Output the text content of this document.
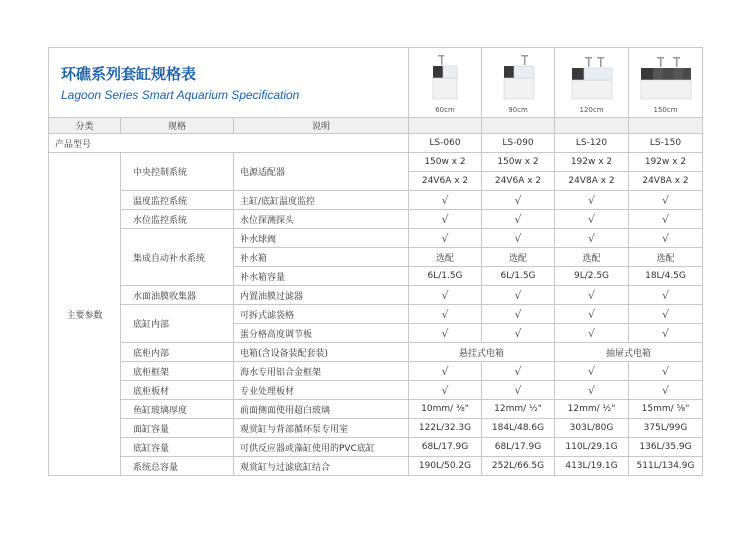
环礁系列套缸规格表
Lagoon Series Smart Aquarium Specification			60cm	90cm	120cm	150cm

分类	规格	说明				
产品型号			LS-060	LS-090	LS-120	LS-150
主要参数	中央控制系统	电源适配器	150w x 2	150w x 2	192w x 2	192w x 2
			24V6A x 2	24V6A x 2	24V8A x 2	24V8A x 2
	温度监控系统	主缸/底缸温度监控	√	√	√	√
	水位监控系统	水位探测探头	√	√	√	√
	集成自动补水系统	补水球阀	√	√	√	√
		补水箱	选配	选配	选配	选配
		补水箱容量	6L/1.5G	6L/1.5G	9L/2.5G	18L/4.5G
	水面油膜收集器	内置油膜过滤器	√	√	√	√
	底缸内部	可拆式滤袋格	√	√	√	√
		蛋分格高度调节板	√	√	√	√
	底柜内部	电箱(含设备装配套装)	悬挂式电箱		抽屉式电箱	
	底柜框架	海水专用铝合金框架	√	√	√	√
	底柜板材	专业处理板材	√	√	√	√
	鱼缸玻璃厚度	前面侧面使用超白玻璃	10mm/ ⅜"	12mm/ ½"	12mm/ ½"	15mm/ ⅝"
	面缸容量	观赏缸与背部循环泵专用室	122L/32.3G	184L/48.6G	303L/80G	375L/99G
	底缸容量	可供反应器或藻缸使用的PVC底缸	68L/17.9G	68L/17.9G	110L/29.1G	136L/35.9G
	系统总容量	观赏缸与过滤底缸结合	190L/50.2G	252L/66.5G	413L/19.1G	511L/134.9G
